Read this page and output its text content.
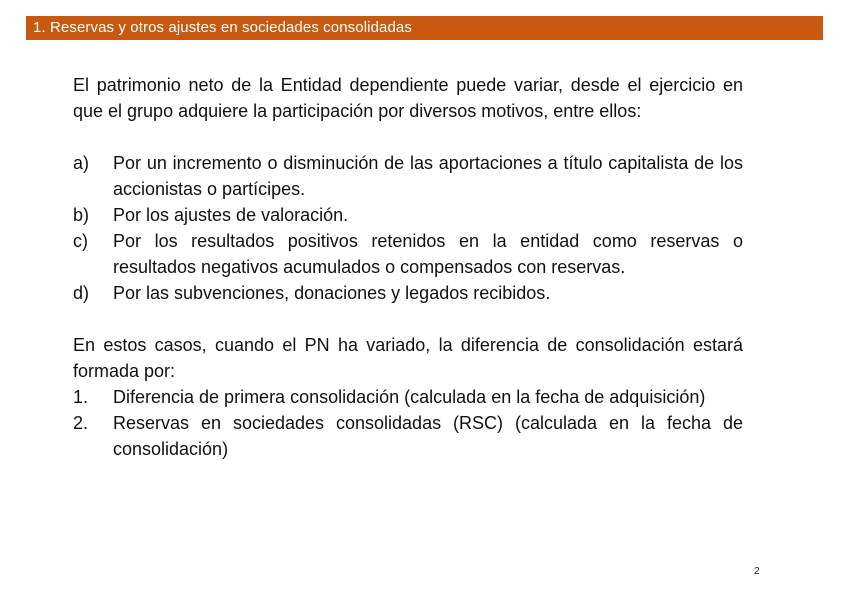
1. Reservas y otros ajustes en sociedades consolidadas

El patrimonio neto de la Entidad dependiente puede variar, desde el ejercicio en que el grupo adquiere la participación por diversos motivos, entre ellos:

a)	Por un incremento o disminución de las aportaciones a título capitalista de los accionistas o partícipes.
b)	Por los ajustes de valoración.
c)	Por los resultados positivos retenidos en la entidad como reservas o resultados negativos acumulados o compensados con reservas.
d)	Por las subvenciones, donaciones y legados recibidos.

En estos casos, cuando el PN ha variado, la diferencia de consolidación estará formada por:

1.	Diferencia de primera consolidación (calculada en la fecha de adquisición)
2.	Reservas en sociedades consolidadas (RSC) (calculada en la fecha de consolidación)
2
